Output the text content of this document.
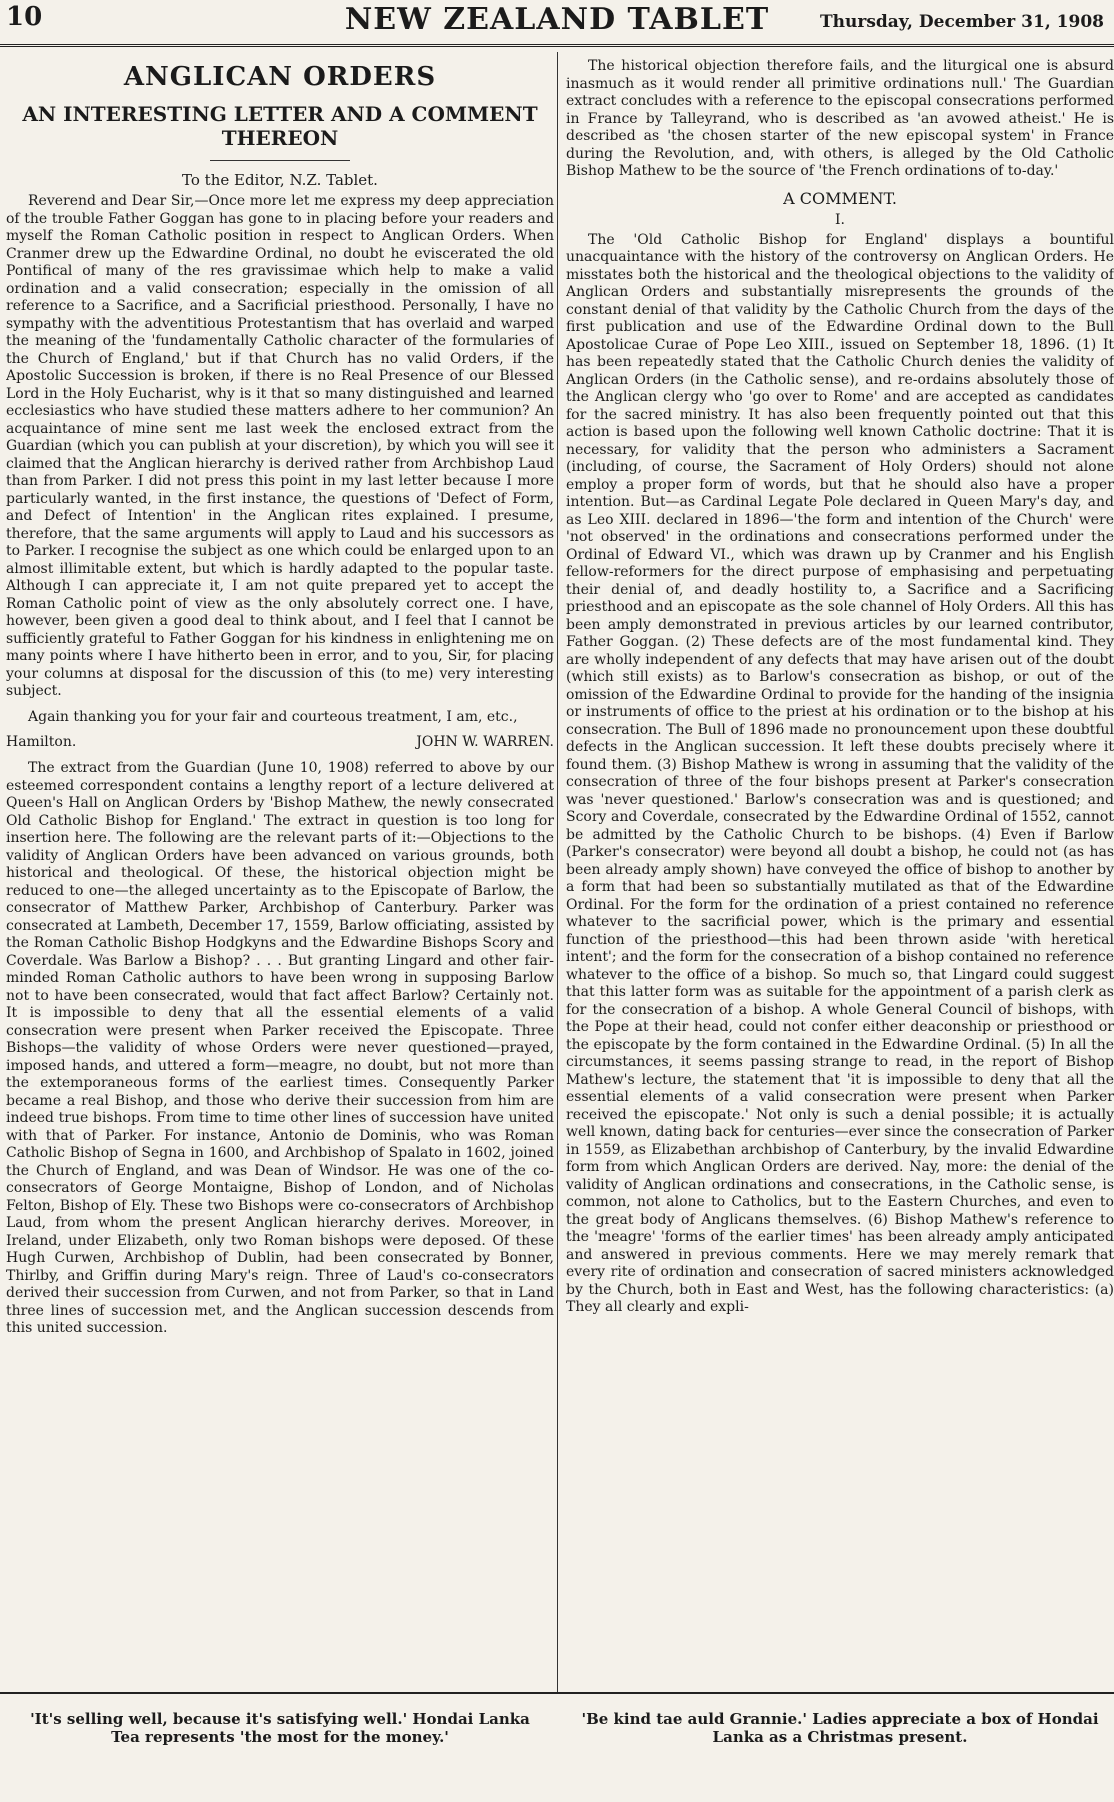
10	NEW ZEALAND TABLET	Thursday, December 31, 1908
ANGLICAN ORDERS
AN INTERESTING LETTER AND A COMMENT THEREON
To the Editor, N.Z. Tablet.

Reverend and Dear Sir,—Once more let me express my deep appreciation of the trouble Father Goggan has gone to in placing before your readers and myself the Roman Catholic position in respect to Anglican Orders. When Cranmer drew up the Edwardine Ordinal, no doubt he eviscerated the old Pontifical of many of the res gravissimae which help to make a valid ordination and a valid consecration; especially in the omission of all reference to a Sacrifice, and a Sacrificial priesthood. Personally, I have no sympathy with the adventitious Protestantism that has overlaid and warped the meaning of the 'fundamentally Catholic character of the formularies of the Church of England,' but if that Church has no valid Orders, if the Apostolic Succession is broken, if there is no Real Presence of our Blessed Lord in the Holy Eucharist, why is it that so many distinguished and learned ecclesiastics who have studied these matters adhere to her communion? An acquaintance of mine sent me last week the enclosed extract from the Guardian (which you can publish at your discretion), by which you will see it claimed that the Anglican hierarchy is derived rather from Archbishop Laud than from Parker. I did not press this point in my last letter because I more particularly wanted, in the first instance, the questions of 'Defect of Form, and Defect of Intention' in the Anglican rites explained. I presume, therefore, that the same arguments will apply to Laud and his successors as to Parker. I recognise the subject as one which could be enlarged upon to an almost illimitable extent, but which is hardly adapted to the popular taste. Although I can appreciate it, I am not quite prepared yet to accept the Roman Catholic point of view as the only absolutely correct one. I have, however, been given a good deal to think about, and I feel that I cannot be sufficiently grateful to Father Goggan for his kindness in enlightening me on many points where I have hitherto been in error, and to you, Sir, for placing your columns at disposal for the discussion of this (to me) very interesting subject.

Again thanking you for your fair and courteous treatment, I am, etc.,

Hamilton.	JOHN W. WARREN.

The extract from the Guardian (June 10, 1908) referred to above by our esteemed correspondent contains a lengthy report of a lecture delivered at Queen's Hall on Anglican Orders by 'Bishop Mathew, the newly consecrated Old Catholic Bishop for England.' The extract in question is too long for insertion here. The following are the relevant parts of it:—Objections to the validity of Anglican Orders have been advanced on various grounds, both historical and theological. Of these, the historical objection might be reduced to one—the alleged uncertainty as to the Episcopate of Barlow, the consecrator of Matthew Parker, Archbishop of Canterbury. Parker was consecrated at Lambeth, December 17, 1559, Barlow officiating, assisted by the Roman Catholic Bishop Hodgkyns and the Edwardine Bishops Scory and Coverdale. Was Barlow a Bishop? . . . But granting Lingard and other fair-minded Roman Catholic authors to have been wrong in supposing Barlow not to have been consecrated, would that fact affect Barlow? Certainly not. It is impossible to deny that all the essential elements of a valid consecration were present when Parker received the Episcopate. Three Bishops—the validity of whose Orders were never questioned—prayed, imposed hands, and uttered a form—meagre, no doubt, but not more than the extemporaneous forms of the earliest times. Consequently Parker became a real Bishop, and those who derive their succession from him are indeed true bishops. From time to time other lines of succession have united with that of Parker. For instance, Antonio de Dominis, who was Roman Catholic Bishop of Segna in 1600, and Archbishop of Spalato in 1602, joined the Church of England, and was Dean of Windsor. He was one of the co-consecrators of George Montaigne, Bishop of London, and of Nicholas Felton, Bishop of Ely. These two Bishops were co-consecrators of Archbishop Laud, from whom the present Anglican hierarchy derives. Moreover, in Ireland, under Elizabeth, only two Roman bishops were deposed. Of these Hugh Curwen, Archbishop of Dublin, had been consecrated by Bonner, Thirlby, and Griffin during Mary's reign. Three of Laud's co-consecrators derived their succession from Curwen, and not from Parker, so that in Land three lines of succession met, and the Anglican succession descends from this united succession.

The historical objection therefore fails, and the liturgical one is absurd inasmuch as it would render all primitive ordinations null.' The Guardian extract concludes with a reference to the episcopal consecrations performed in France by Talleyrand, who is described as 'an avowed atheist.' He is described as 'the chosen starter of the new episcopal system' in France during the Revolution, and, with others, is alleged by the Old Catholic Bishop Mathew to be the source of 'the French ordinations of to-day.'

A COMMENT.
I.

The 'Old Catholic Bishop for England' displays a bountiful unacquaintance with the history of the controversy on Anglican Orders. He misstates both the historical and the theological objections to the validity of Anglican Orders and substantially misrepresents the grounds of the constant denial of that validity by the Catholic Church from the days of the first publication and use of the Edwardine Ordinal down to the Bull Apostolicae Curae of Pope Leo XIII., issued on September 18, 1896. (1) It has been repeatedly stated that the Catholic Church denies the validity of Anglican Orders (in the Catholic sense), and re-ordains absolutely those of the Anglican clergy who 'go over to Rome' and are accepted as candidates for the sacred ministry. It has also been frequently pointed out that this action is based upon the following well known Catholic doctrine: That it is necessary, for validity that the person who administers a Sacrament (including, of course, the Sacrament of Holy Orders) should not alone employ a proper form of words, but that he should also have a proper intention. But—as Cardinal Legate Pole declared in Queen Mary's day, and as Leo XIII. declared in 1896—'the form and intention of the Church' were 'not observed' in the ordinations and consecrations performed under the Ordinal of Edward VI., which was drawn up by Cranmer and his English fellow-reformers for the direct purpose of emphasising and perpetuating their denial of, and deadly hostility to, a Sacrifice and a Sacrificing priesthood and an episcopate as the sole channel of Holy Orders. All this has been amply demonstrated in previous articles by our learned contributor, Father Goggan. (2) These defects are of the most fundamental kind. They are wholly independent of any defects that may have arisen out of the doubt (which still exists) as to Barlow's consecration as bishop, or out of the omission of the Edwardine Ordinal to provide for the handing of the insignia or instruments of office to the priest at his ordination or to the bishop at his consecration. The Bull of 1896 made no pronouncement upon these doubtful defects in the Anglican succession. It left these doubts precisely where it found them. (3) Bishop Mathew is wrong in assuming that the validity of the consecration of three of the four bishops present at Parker's consecration was 'never questioned.' Barlow's consecration was and is questioned; and Scory and Coverdale, consecrated by the Edwardine Ordinal of 1552, cannot be admitted by the Catholic Church to be bishops. (4) Even if Barlow (Parker's consecrator) were beyond all doubt a bishop, he could not (as has been already amply shown) have conveyed the office of bishop to another by a form that had been so substantially mutilated as that of the Edwardine Ordinal. For the form for the ordination of a priest contained no reference whatever to the sacrificial power, which is the primary and essential function of the priesthood—this had been thrown aside 'with heretical intent'; and the form for the consecration of a bishop contained no reference whatever to the office of a bishop. So much so, that Lingard could suggest that this latter form was as suitable for the appointment of a parish clerk as for the consecration of a bishop. A whole General Council of bishops, with the Pope at their head, could not confer either deaconship or priesthood or the episcopate by the form contained in the Edwardine Ordinal. (5) In all the circumstances, it seems passing strange to read, in the report of Bishop Mathew's lecture, the statement that 'it is impossible to deny that all the essential elements of a valid consecration were present when Parker received the episcopate.' Not only is such a denial possible; it is actually well known, dating back for centuries—ever since the consecration of Parker in 1559, as Elizabethan archbishop of Canterbury, by the invalid Edwardine form from which Anglican Orders are derived. Nay, more: the denial of the validity of Anglican ordinations and consecrations, in the Catholic sense, is common, not alone to Catholics, but to the Eastern Churches, and even to the great body of Anglicans themselves. (6) Bishop Mathew's reference to the 'meagre' 'forms of the earlier times' has been already amply anticipated and answered in previous comments. Here we may merely remark that every rite of ordination and consecration of sacred ministers acknowledged by the Church, both in East and West, has the following characteristics: (a) They all clearly and expli-

'It's selling well, because it's satisfying well.' Hondai Lanka Tea represents 'the most for the money.'
'Be kind tae auld Grannie.' Ladies appreciate a box of Hondai Lanka as a Christmas present.
